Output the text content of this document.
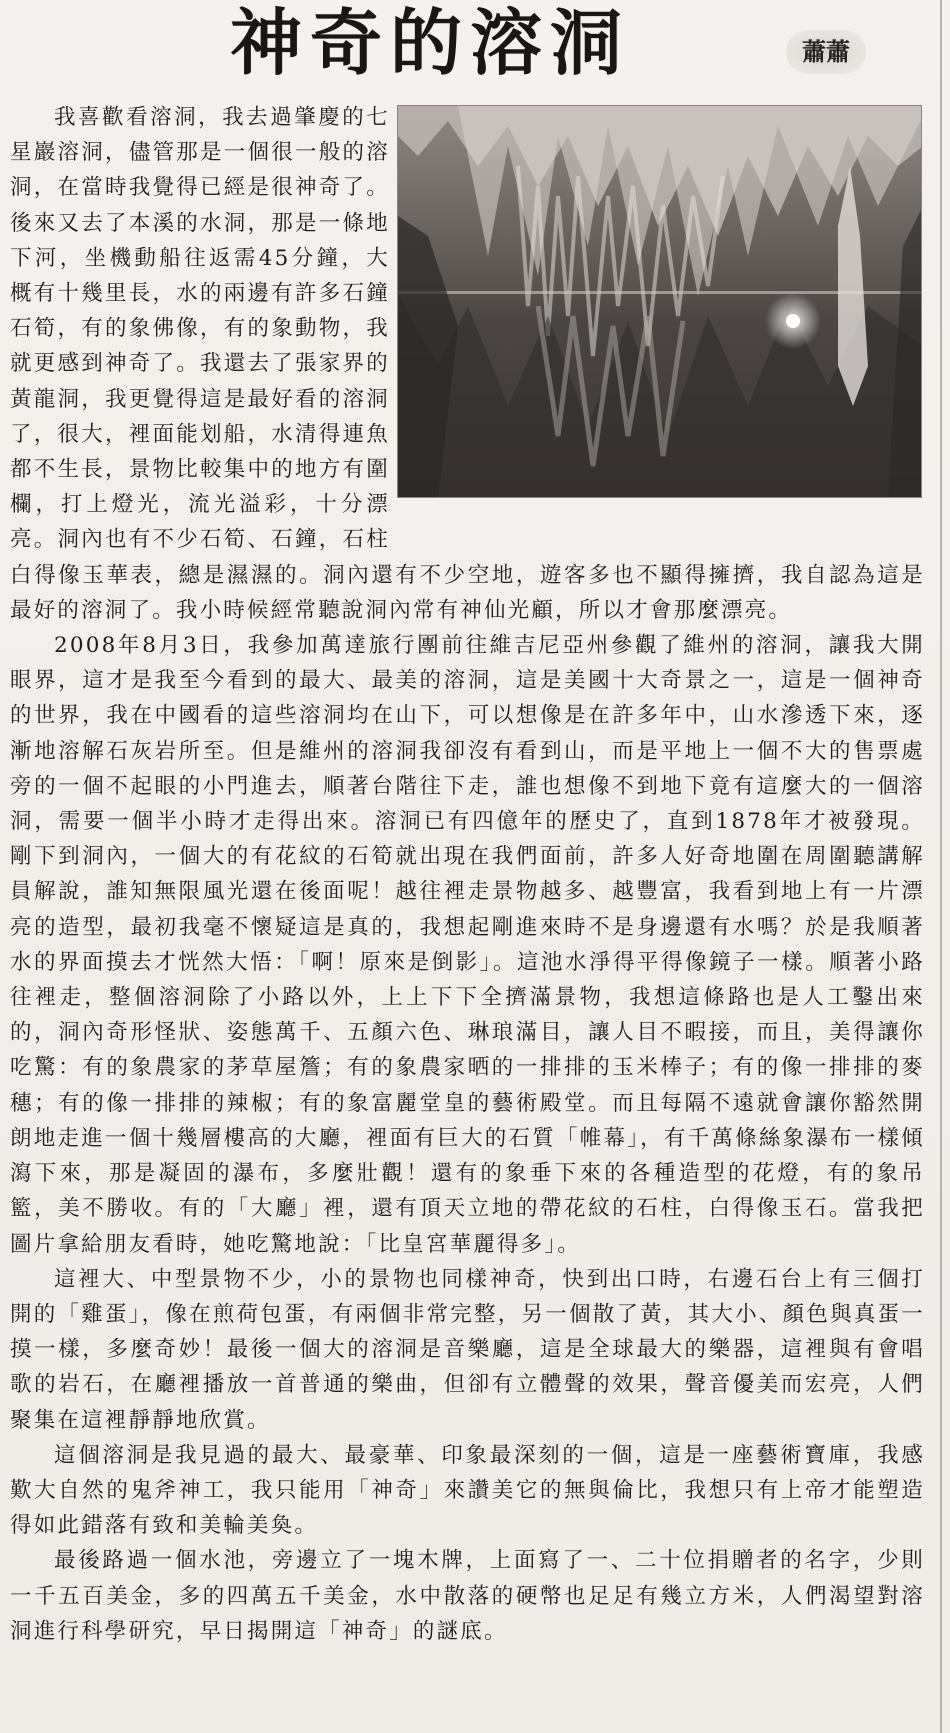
神奇的溶洞	蕭蕭

我喜歡看溶洞，我去過肇慶的七星巖溶洞，儘管那是一個很一般的溶洞，在當時我覺得已經是很神奇了。後來又去了本溪的水洞，那是一條地下河，坐機動船往返需45分鐘，大概有十幾里長，水的兩邊有許多石鐘石筍，有的象佛像，有的象動物，我就更感到神奇了。我還去了張家界的黃龍洞，我更覺得這是最好看的溶洞了，很大，裡面能划船，水清得連魚都不生長，景物比較集中的地方有圍欄，打上燈光，流光溢彩，十分漂亮。洞內也有不少石筍、石鐘，石柱白得像玉華表，總是濕濕的。洞內還有不少空地，遊客多也不顯得擁擠，我自認為這是最好的溶洞了。我小時候經常聽說洞內常有神仙光顧，所以才會那麼漂亮。

2008年8月3日，我參加萬達旅行團前往維吉尼亞州參觀了維州的溶洞，讓我大開眼界，這才是我至今看到的最大、最美的溶洞，這是美國十大奇景之一，這是一個神奇的世界，我在中國看的這些溶洞均在山下，可以想像是在許多年中，山水滲透下來，逐漸地溶解石灰岩所至。但是維州的溶洞我卻沒有看到山，而是平地上一個不大的售票處旁的一個不起眼的小門進去，順著台階往下走，誰也想像不到地下竟有這麼大的一個溶洞，需要一個半小時才走得出來。溶洞已有四億年的歷史了，直到1878年才被發現。剛下到洞內，一個大的有花紋的石筍就出現在我們面前，許多人好奇地圍在周圍聽講解員解說，誰知無限風光還在後面呢！越往裡走景物越多、越豐富，我看到地上有一片漂亮的造型，最初我毫不懷疑這是真的，我想起剛進來時不是身邊還有水嗎？於是我順著水的界面摸去才恍然大悟：「啊！原來是倒影」。這池水淨得平得像鏡子一樣。順著小路往裡走，整個溶洞除了小路以外，上上下下全擠滿景物，我想這條路也是人工鑿出來的，洞內奇形怪狀、姿態萬千、五顏六色、琳琅滿目，讓人目不暇接，而且，美得讓你吃驚：有的象農家的茅草屋簷；有的象農家晒的一排排的玉米棒子；有的像一排排的麥穗；有的像一排排的辣椒；有的象富麗堂皇的藝術殿堂。而且每隔不遠就會讓你豁然開朗地走進一個十幾層樓高的大廳，裡面有巨大的石質「帷幕」，有千萬條絲象瀑布一樣傾瀉下來，那是凝固的瀑布，多麼壯觀！還有的象垂下來的各種造型的花燈，有的象吊籃，美不勝收。有的「大廳」裡，還有頂天立地的帶花紋的石柱，白得像玉石。當我把圖片拿給朋友看時，她吃驚地說：「比皇宮華麗得多」。

這裡大、中型景物不少，小的景物也同樣神奇，快到出口時，右邊石台上有三個打開的「雞蛋」，像在煎荷包蛋，有兩個非常完整，另一個散了黃，其大小、顏色與真蛋一摸一樣，多麼奇妙！最後一個大的溶洞是音樂廳，這是全球最大的樂器，這裡與有會唱歌的岩石，在廳裡播放一首普通的樂曲，但卻有立體聲的效果，聲音優美而宏亮，人們聚集在這裡靜靜地欣賞。

這個溶洞是我見過的最大、最豪華、印象最深刻的一個，這是一座藝術寶庫，我感歎大自然的鬼斧神工，我只能用「神奇」來讚美它的無與倫比，我想只有上帝才能塑造得如此錯落有致和美輪美奐。

最後路過一個水池，旁邊立了一塊木牌，上面寫了一、二十位捐贈者的名字，少則一千五百美金，多的四萬五千美金，水中散落的硬幣也足足有幾立方米，人們渴望對溶洞進行科學研究，早日揭開這「神奇」的謎底。
